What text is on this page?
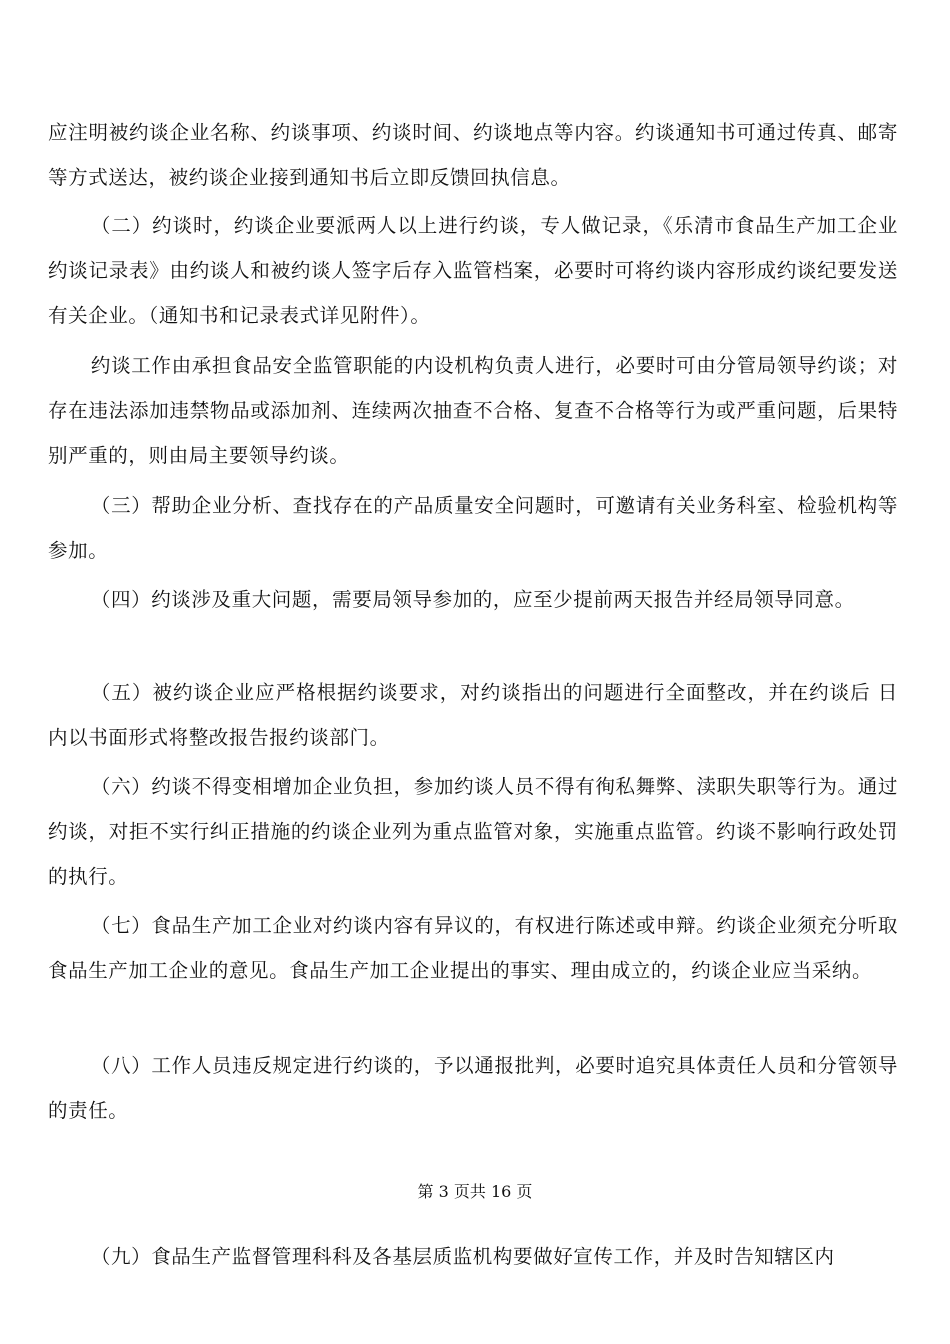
应注明被约谈企业名称、约谈事项、约谈时间、约谈地点等内容。约谈通知书可通过传真、邮寄等方式送达，被约谈企业接到通知书后立即反馈回执信息。

（二）约谈时，约谈企业要派两人以上进行约谈，专人做记录，《乐清市食品生产加工企业约谈记录表》由约谈人和被约谈人签字后存入监管档案，必要时可将约谈内容形成约谈纪要发送有关企业。（通知书和记录表式详见附件）。

约谈工作由承担食品安全监管职能的内设机构负责人进行，必要时可由分管局领导约谈；对存在违法添加违禁物品或添加剂、连续两次抽查不合格、复查不合格等行为或严重问题，后果特别严重的，则由局主要领导约谈。

（三）帮助企业分析、查找存在的产品质量安全问题时，可邀请有关业务科室、检验机构等参加。

（四）约谈涉及重大问题，需要局领导参加的，应至少提前两天报告并经局领导同意。

（五）被约谈企业应严格根据约谈要求，对约谈指出的问题进行全面整改，并在约谈后 日内以书面形式将整改报告报约谈部门。

（六）约谈不得变相增加企业负担，参加约谈人员不得有徇私舞弊、渎职失职等行为。通过约谈，对拒不实行纠正措施的约谈企业列为重点监管对象，实施重点监管。约谈不影响行政处罚的执行。

（七）食品生产加工企业对约谈内容有异议的，有权进行陈述或申辩。约谈企业须充分听取食品生产加工企业的意见。食品生产加工企业提出的事实、理由成立的，约谈企业应当采纳。

（八）工作人员违反规定进行约谈的，予以通报批判，必要时追究具体责任人员和分管领导的责任。

第 3 页共 16 页

（九）食品生产监督管理科科及各基层质监机构要做好宣传工作，并及时告知辖区内
